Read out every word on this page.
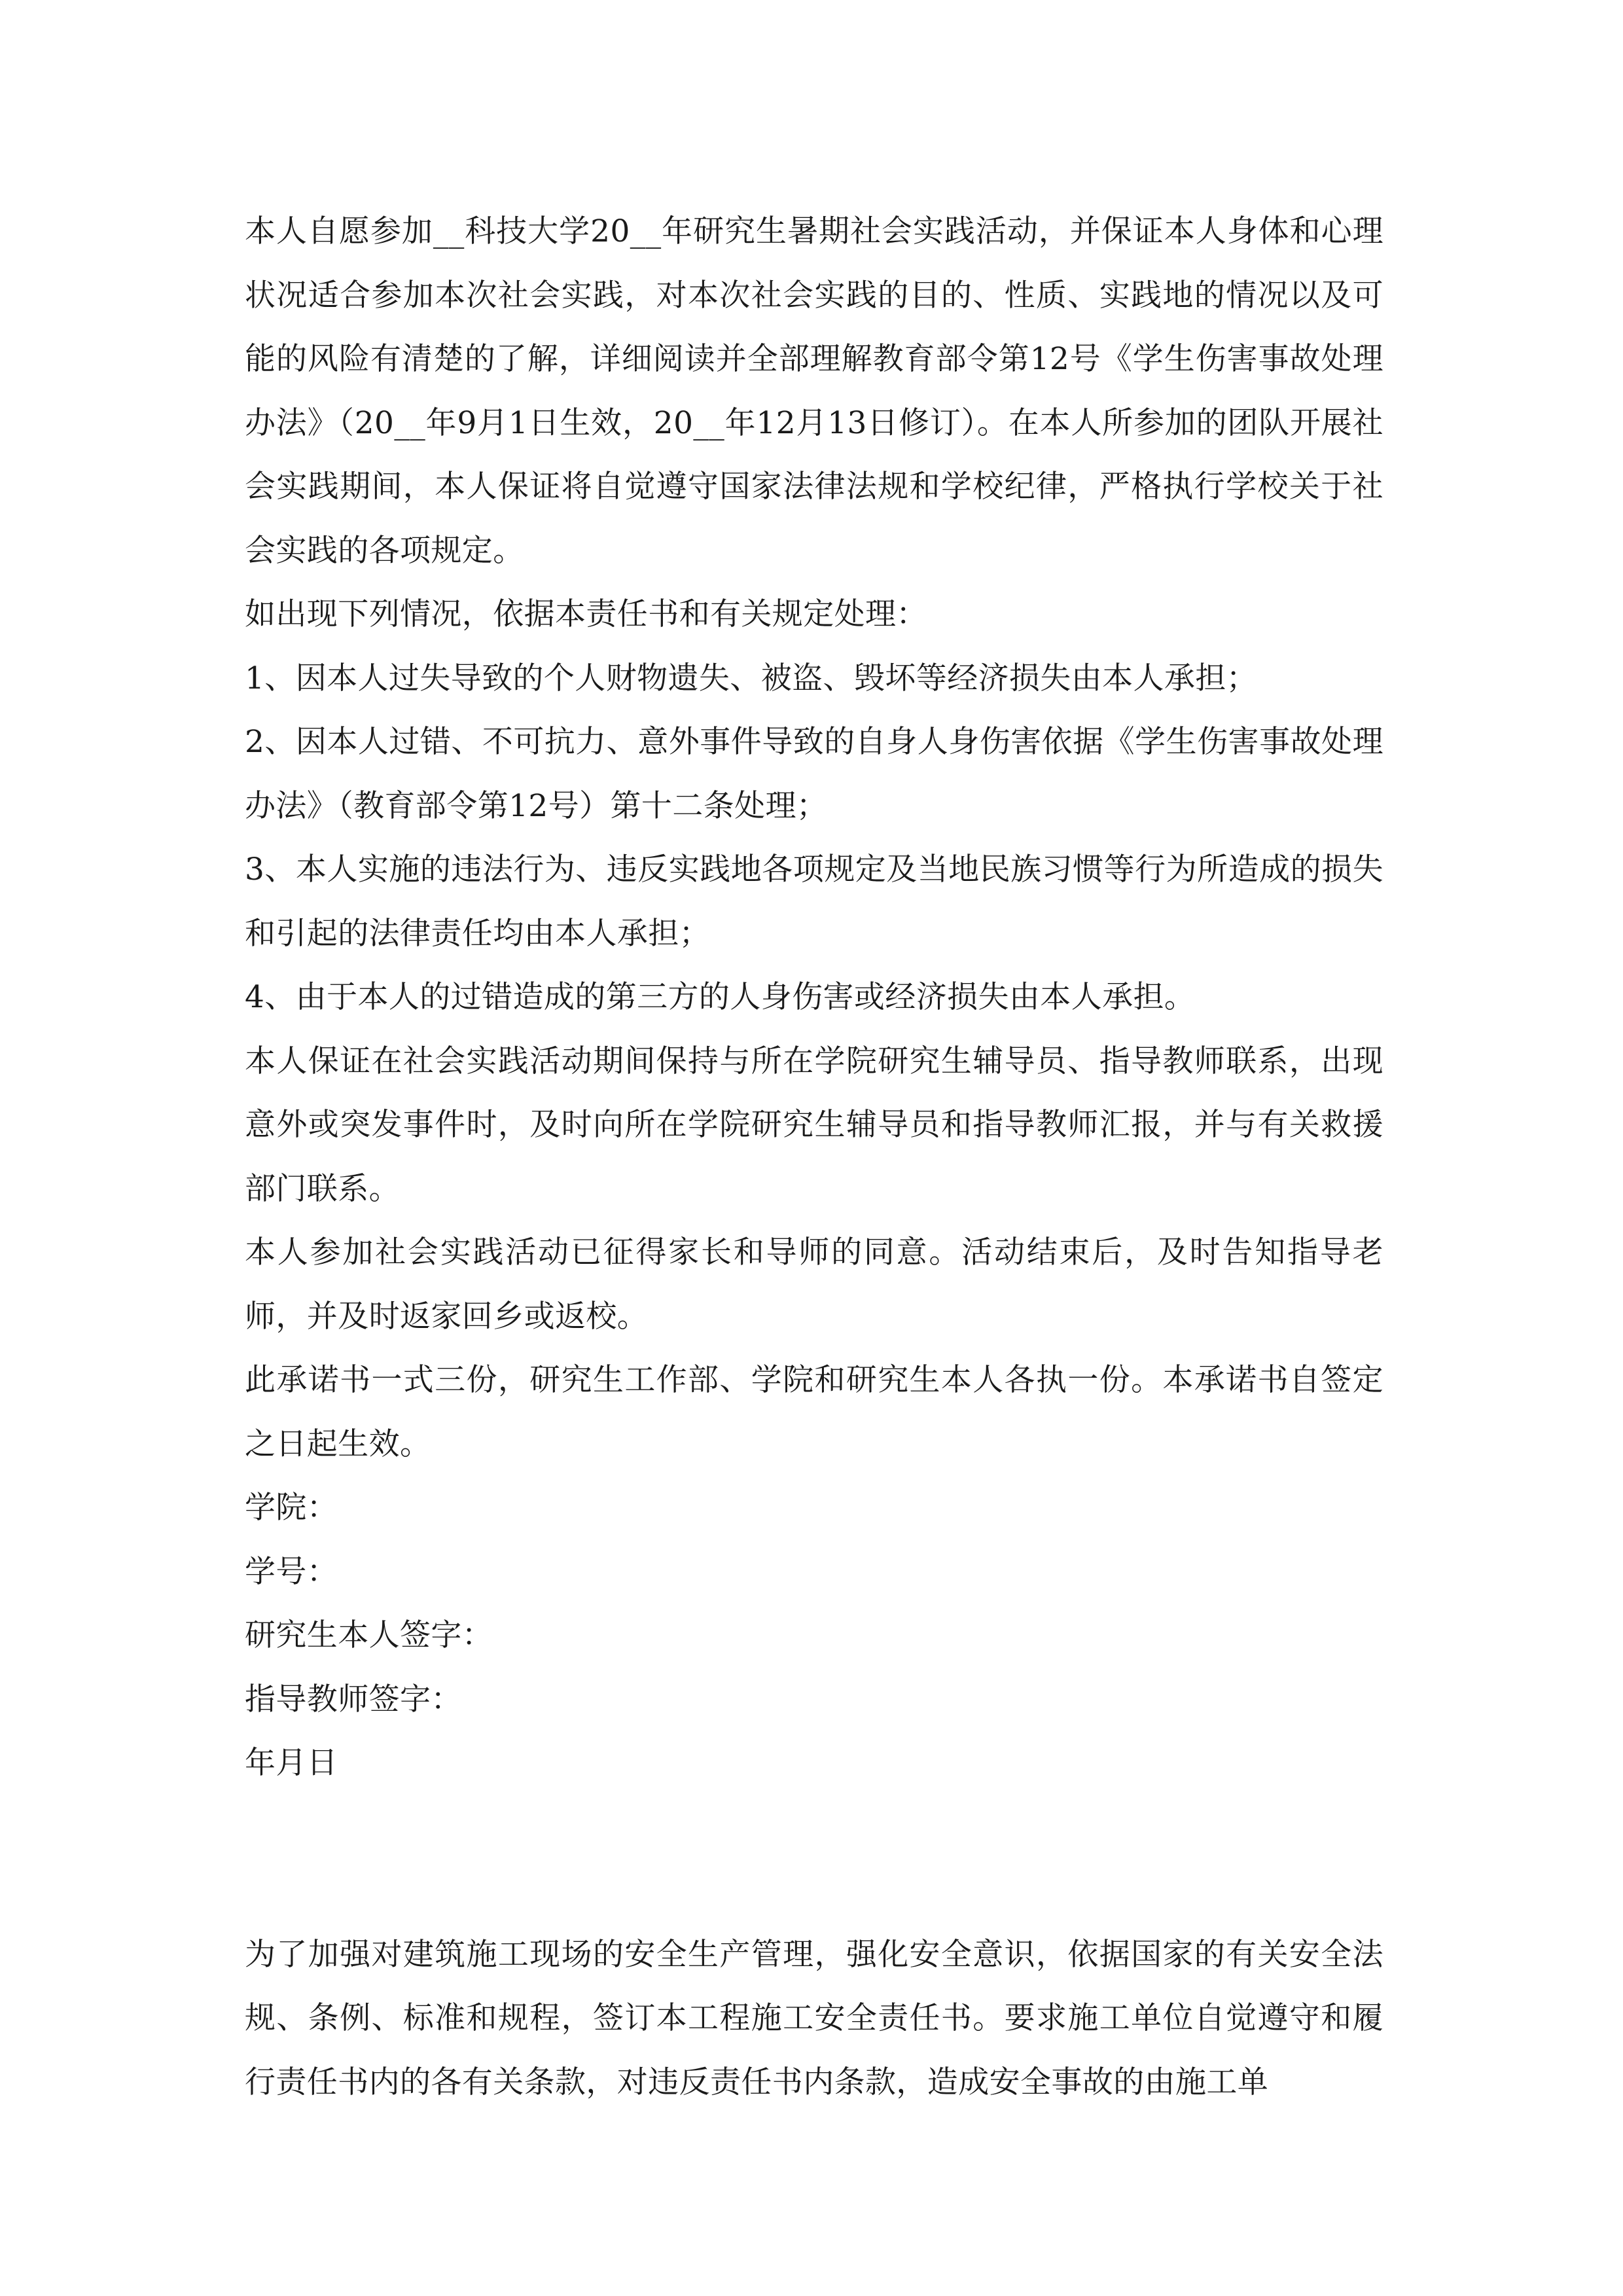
本人自愿参加__科技大学20__年研究生暑期社会实践活动，并保证本人身体和心理状况适合参加本次社会实践，对本次社会实践的目的、性质、实践地的情况以及可能的风险有清楚的了解，详细阅读并全部理解教育部令第12号《学生伤害事故处理办法》（20__年9月1日生效，20__年12月13日修订）。在本人所参加的团队开展社会实践期间，本人保证将自觉遵守国家法律法规和学校纪律，严格执行学校关于社会实践的各项规定。

如出现下列情况，依据本责任书和有关规定处理：

1、因本人过失导致的个人财物遗失、被盗、毁坏等经济损失由本人承担；

2、因本人过错、不可抗力、意外事件导致的自身人身伤害依据《学生伤害事故处理办法》（教育部令第12号）第十二条处理；

3、本人实施的违法行为、违反实践地各项规定及当地民族习惯等行为所造成的损失和引起的法律责任均由本人承担；

4、由于本人的过错造成的第三方的人身伤害或经济损失由本人承担。

本人保证在社会实践活动期间保持与所在学院研究生辅导员、指导教师联系，出现意外或突发事件时，及时向所在学院研究生辅导员和指导教师汇报，并与有关救援部门联系。

本人参加社会实践活动已征得家长和导师的同意。活动结束后，及时告知指导老师，并及时返家回乡或返校。

此承诺书一式三份，研究生工作部、学院和研究生本人各执一份。本承诺书自签定之日起生效。

学院：

学号：

研究生本人签字：

指导教师签字：

年月日

为了加强对建筑施工现场的安全生产管理，强化安全意识，依据国家的有关安全法规、条例、标准和规程，签订本工程施工安全责任书。要求施工单位自觉遵守和履行责任书内的各有关条款，对违反责任书内条款，造成安全事故的由施工单
